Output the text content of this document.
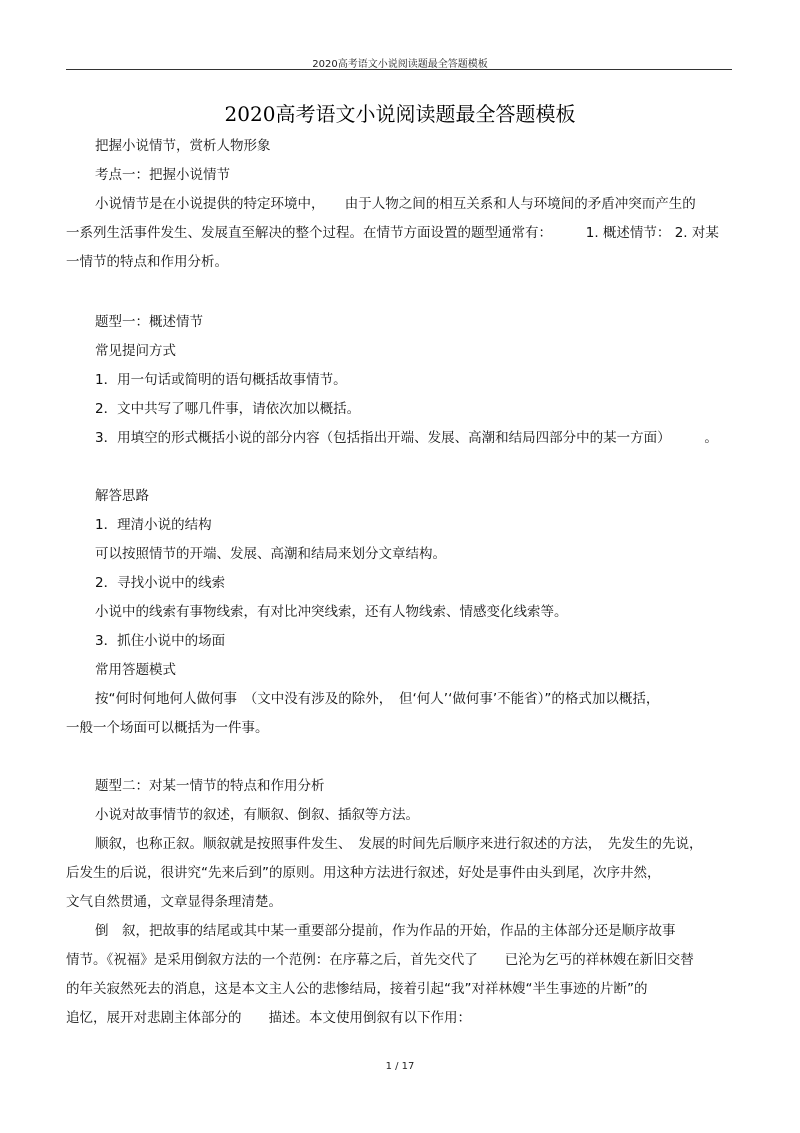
2020高考语文小说阅读题最全答题模板
2020高考语文小说阅读题最全答题模板
把握小说情节，赏析人物形象
考点一：把握小说情节
小说情节是在小说提供的特定环境中，　　由于人物之间的相互关系和人与环境间的矛盾冲突而产生的
一系列生活事件发生、发展直至解决的整个过程。在情节方面设置的题型通常有：　　　1. 概述情节： 2. 对某
一情节的特点和作用分析。
题型一：概述情节
常见提问方式
1．用一句话或简明的语句概括故事情节。
2．文中共写了哪几件事，请依次加以概括。
3．用填空的形式概括小说的部分内容（包括指出开端、发展、高潮和结局四部分中的某一方面）　　　。
解答思路
1．理清小说的结构
可以按照情节的开端、发展、高潮和结局来划分文章结构。
2．寻找小说中的线索
小说中的线索有事物线索，有对比冲突线索，还有人物线索、情感变化线索等。
3．抓住小说中的场面
常用答题模式
按“何时何地何人做何事　（文中没有涉及的除外，　但‘何人’‘做何事’不能省）”的格式加以概括，
一般一个场面可以概括为一件事。
题型二：对某一情节的特点和作用分析
小说对故事情节的叙述，有顺叙、倒叙、插叙等方法。
顺叙，也称正叙。顺叙就是按照事件发生、　发展的时间先后顺序来进行叙述的方法，　先发生的先说，
后发生的后说，很讲究“先来后到”的原则。用这种方法进行叙述，好处是事件由头到尾，次序井然，
文气自然贯通，文章显得条理清楚。
倒　叙，把故事的结尾或其中某一重要部分提前，作为作品的开始，作品的主体部分还是顺序故事
情节。《祝福》是采用倒叙方法的一个范例：在序幕之后，首先交代了　　已沦为乞丐的祥林嫂在新旧交替
的年关寂然死去的消息，这是本文主人公的悲惨结局，接着引起“我”对祥林嫂“半生事迹的片断”的
追忆，展开对悲剧主体部分的　　描述。本文使用倒叙有以下作用：
1 / 17
